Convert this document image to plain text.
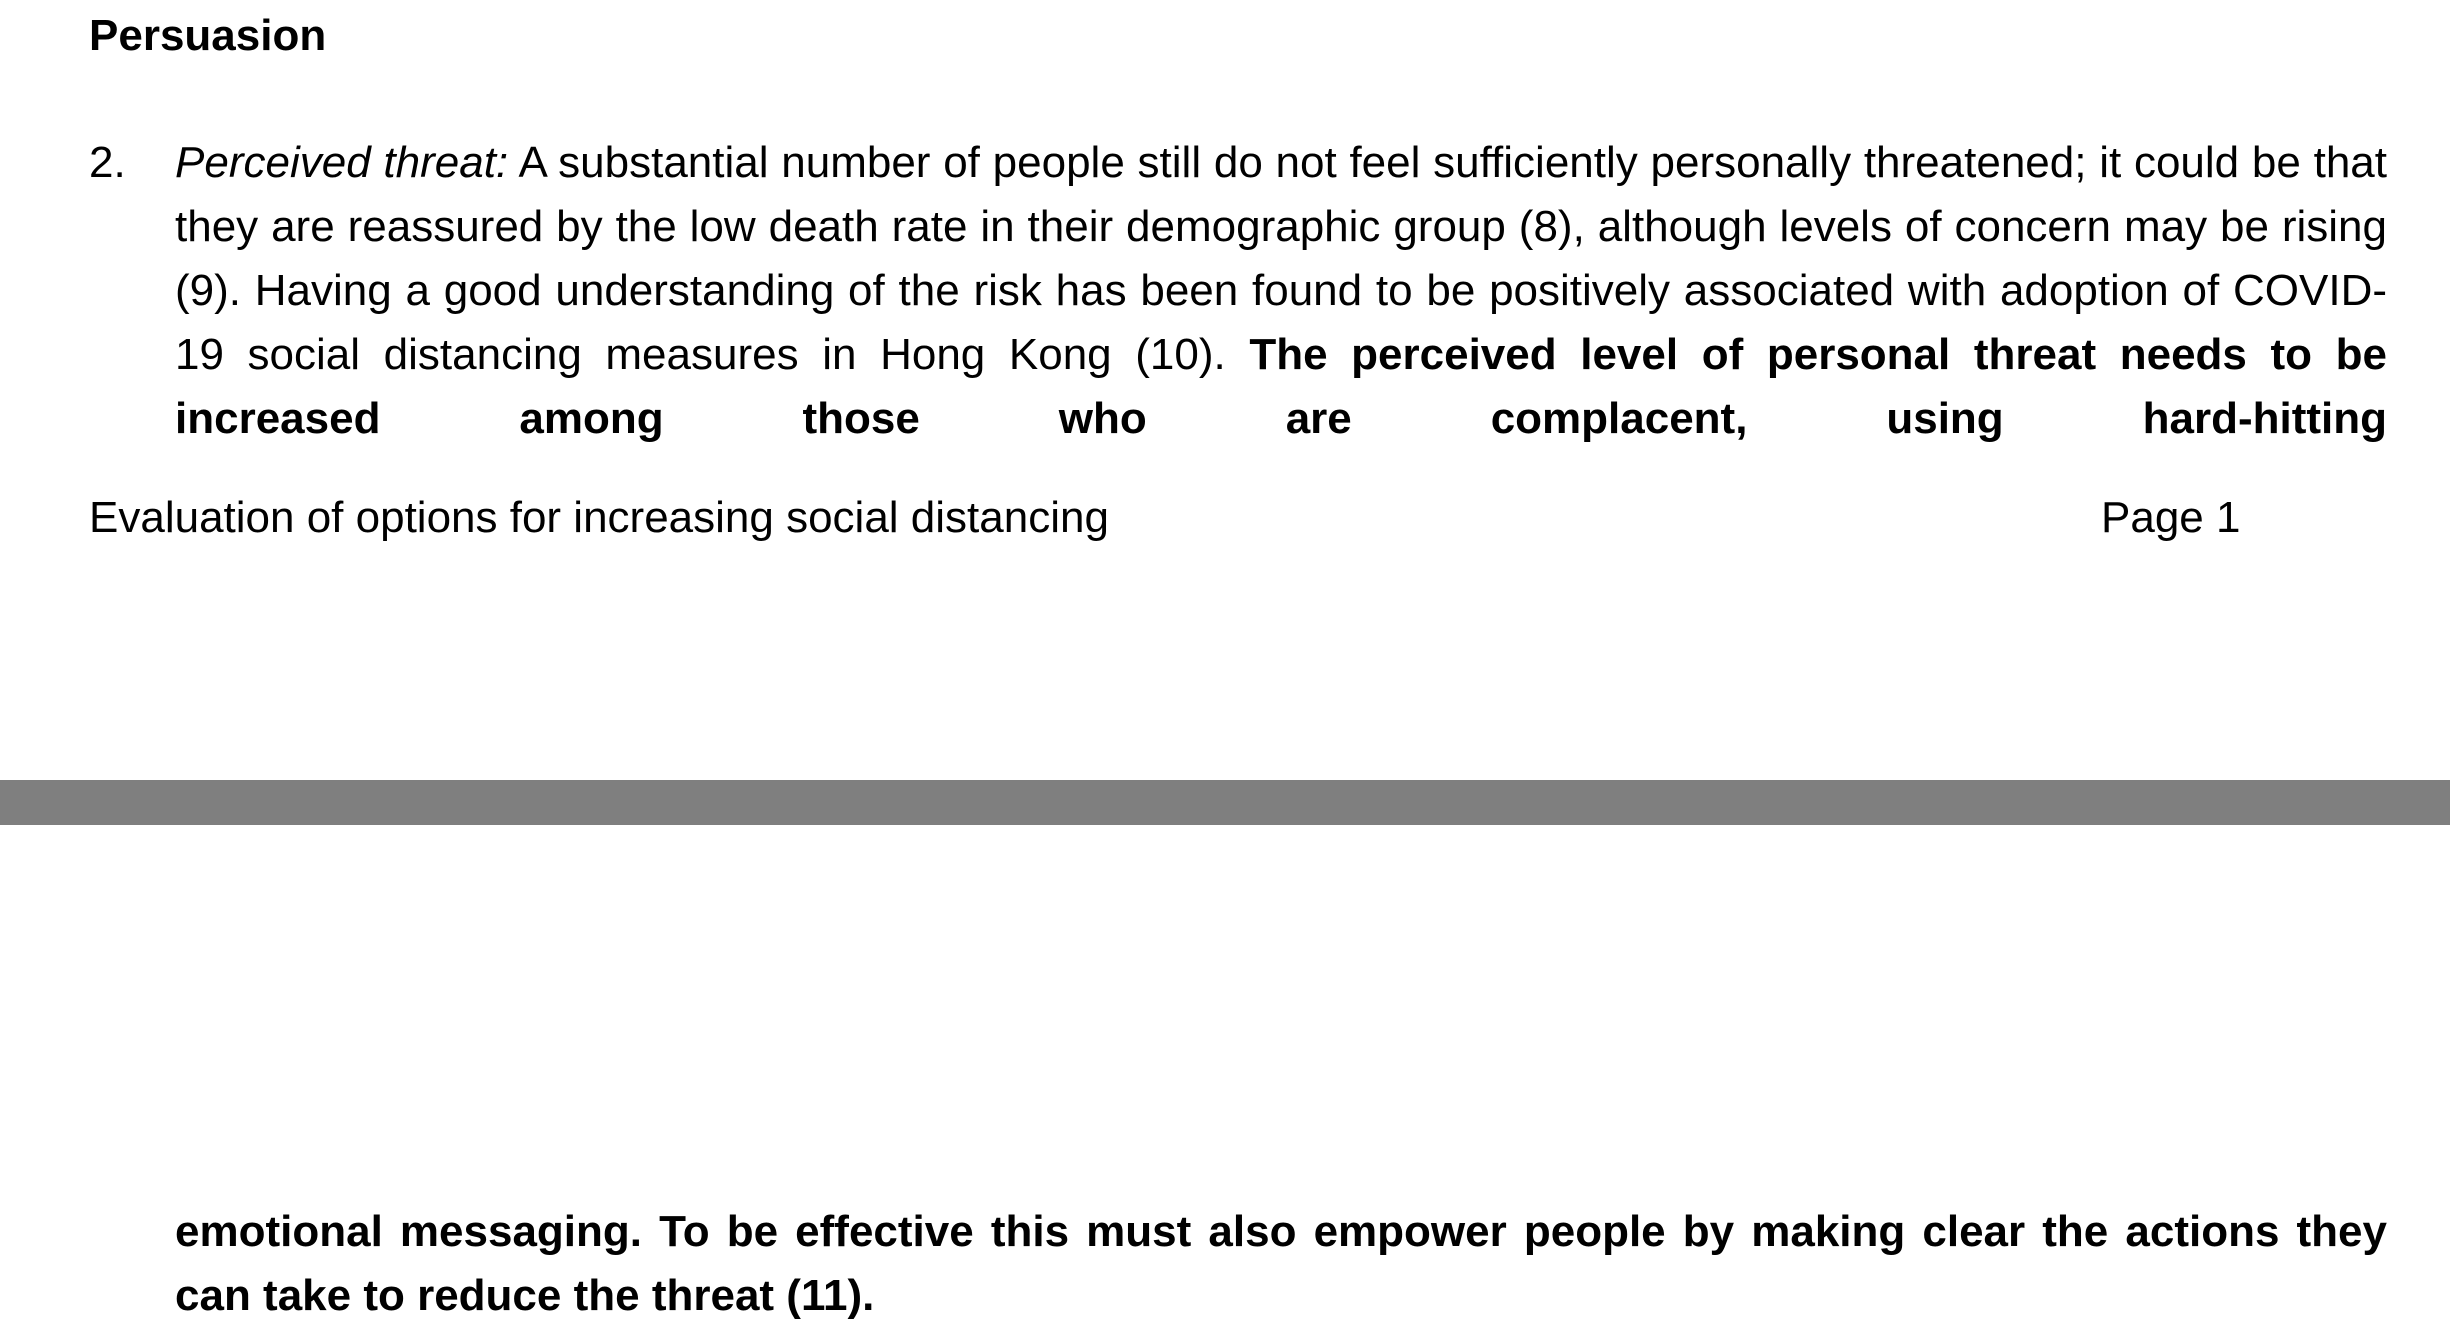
Persuasion
2.	Perceived threat: A substantial number of people still do not feel sufficiently personally threatened; it could be that they are reassured by the low death rate in their demographic group (8), although levels of concern may be rising (9). Having a good understanding of the risk has been found to be positively associated with adoption of COVID-19 social distancing measures in Hong Kong (10). The perceived level of personal threat needs to be increased among those who are complacent, using hard-hitting

Evaluation of options for increasing social distancing	Page 1

emotional messaging. To be effective this must also empower people by making clear the actions they
can take to reduce the threat (11).
